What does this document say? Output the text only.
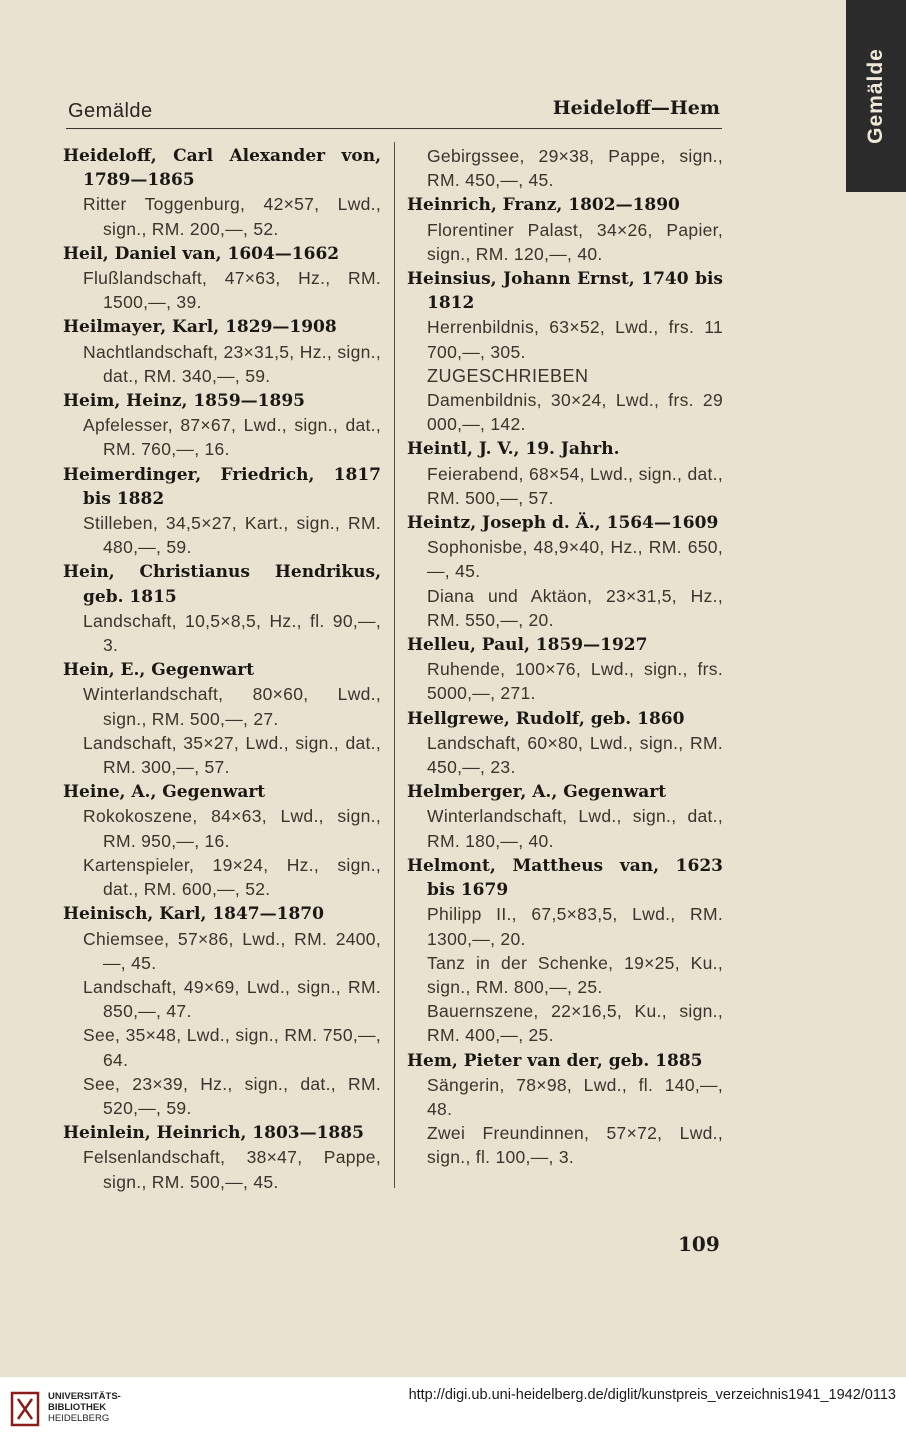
Gemälde
Gemälde	Heideloff—Hem
Heideloff, Carl Alexander von, 1789—1865
Ritter Toggenburg, 42×57, Lwd., sign., RM. 200,—, 52.
Heil, Daniel van, 1604—1662
Flußlandschaft, 47×63, Hz., RM. 1500,—, 39.
Heilmayer, Karl, 1829—1908
Nachtlandschaft, 23×31,5, Hz., sign., dat., RM. 340,—, 59.
Heim, Heinz, 1859—1895
Apfelesser, 87×67, Lwd., sign., dat., RM. 760,—, 16.
Heimerdinger, Friedrich, 1817 bis 1882
Stilleben, 34,5×27, Kart., sign., RM. 480,—, 59.
Hein, Christianus Hendrikus, geb. 1815
Landschaft, 10,5×8,5, Hz., fl. 90,—, 3.
Hein, E., Gegenwart
Winterlandschaft, 80×60, Lwd., sign., RM. 500,—, 27.
Landschaft, 35×27, Lwd., sign., dat., RM. 300,—, 57.
Heine, A., Gegenwart
Rokokoszene, 84×63, Lwd., sign., RM. 950,—, 16.
Kartenspieler, 19×24, Hz., sign., dat., RM. 600,—, 52.
Heinisch, Karl, 1847—1870
Chiemsee, 57×86, Lwd., RM. 2400,—, 45.
Landschaft, 49×69, Lwd., sign., RM. 850,—, 47.
See, 35×48, Lwd., sign., RM. 750,—, 64.
See, 23×39, Hz., sign., dat., RM. 520,—, 59.
Heinlein, Heinrich, 1803—1885
Felsenlandschaft, 38×47, Pappe, sign., RM. 500,—, 45.
Gebirgssee, 29×38, Pappe, sign., RM. 450,—, 45.
Heinrich, Franz, 1802—1890
Florentiner Palast, 34×26, Papier, sign., RM. 120,—, 40.
Heinsius, Johann Ernst, 1740 bis 1812
Herrenbildnis, 63×52, Lwd., frs. 11 700,—, 305.
ZUGESCHRIEBEN
Damenbildnis, 30×24, Lwd., frs. 29 000,—, 142.
Heintl, J. V., 19. Jahrh.
Feierabend, 68×54, Lwd., sign., dat., RM. 500,—, 57.
Heintz, Joseph d. Ä., 1564—1609
Sophonisbe, 48,9×40, Hz., RM. 650,—, 45.
Diana und Aktäon, 23×31,5, Hz., RM. 550,—, 20.
Helleu, Paul, 1859—1927
Ruhende, 100×76, Lwd., sign., frs. 5000,—, 271.
Hellgrewe, Rudolf, geb. 1860
Landschaft, 60×80, Lwd., sign., RM. 450,—, 23.
Helmberger, A., Gegenwart
Winterlandschaft, Lwd., sign., dat., RM. 180,—, 40.
Helmont, Mattheus van, 1623 bis 1679
Philipp II., 67,5×83,5, Lwd., RM. 1300,—, 20.
Tanz in der Schenke, 19×25, Ku., sign., RM. 800,—, 25.
Bauernszene, 22×16,5, Ku., sign., RM. 400,—, 25.
Hem, Pieter van der, geb. 1885
Sängerin, 78×98, Lwd., fl. 140,—, 48.
Zwei Freundinnen, 57×72, Lwd., sign., fl. 100,—, 3.
109
UNIVERSITÄTS-
BIBLIOTHEK
HEIDELBERG
http://digi.ub.uni-heidelberg.de/diglit/kunstpreis_verzeichnis1941_1942/0113
